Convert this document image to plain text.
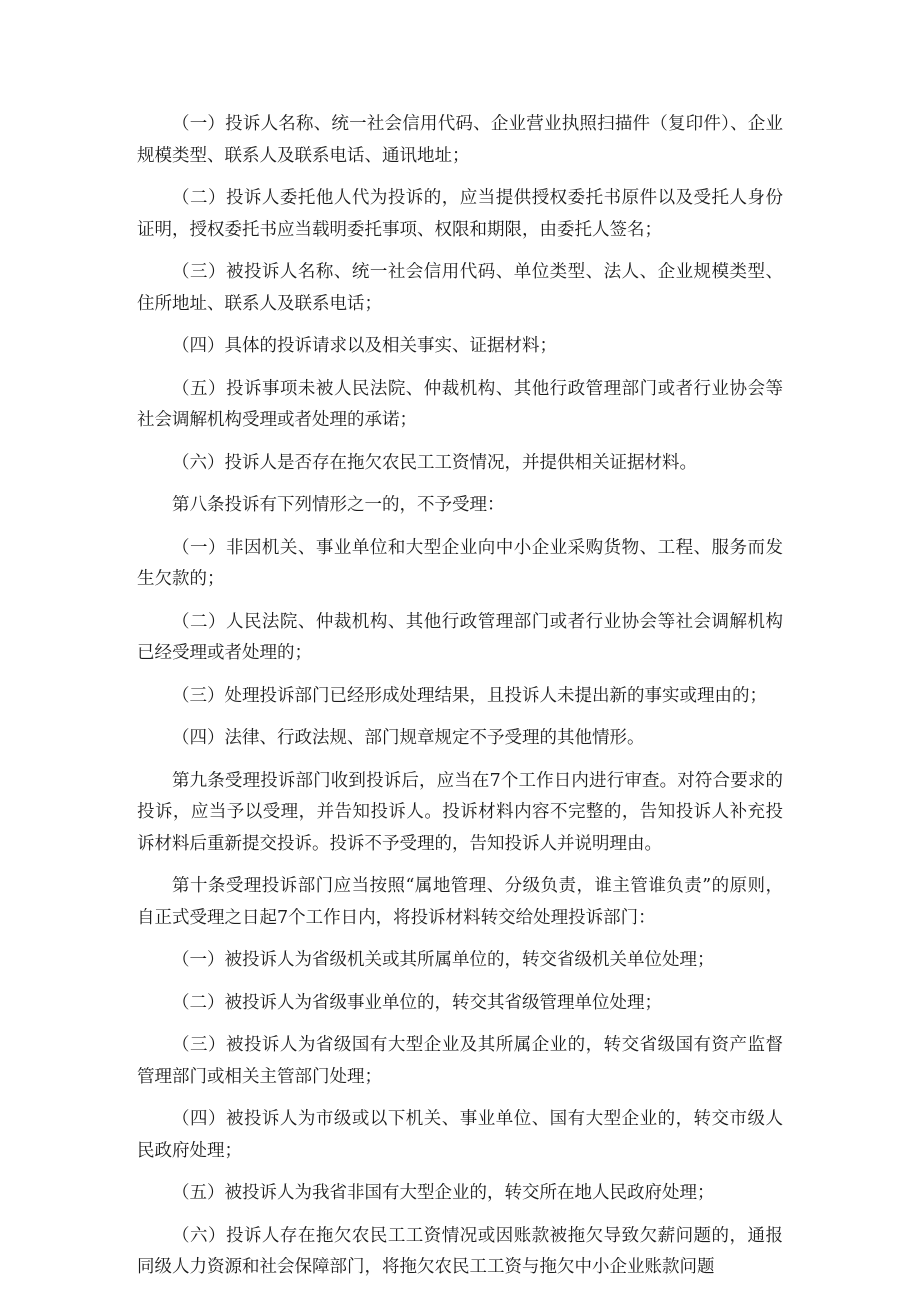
（一）投诉人名称、统一社会信用代码、企业营业执照扫描件（复印件）、企业规模类型、联系人及联系电话、通讯地址；

（二）投诉人委托他人代为投诉的，应当提供授权委托书原件以及受托人身份证明，授权委托书应当载明委托事项、权限和期限，由委托人签名；

（三）被投诉人名称、统一社会信用代码、单位类型、法人、企业规模类型、住所地址、联系人及联系电话；

（四）具体的投诉请求以及相关事实、证据材料；

（五）投诉事项未被人民法院、仲裁机构、其他行政管理部门或者行业协会等社会调解机构受理或者处理的承诺；

（六）投诉人是否存在拖欠农民工工资情况，并提供相关证据材料。

第八条投诉有下列情形之一的，不予受理：

（一）非因机关、事业单位和大型企业向中小企业采购货物、工程、服务而发生欠款的；

（二）人民法院、仲裁机构、其他行政管理部门或者行业协会等社会调解机构已经受理或者处理的；

（三）处理投诉部门已经形成处理结果，且投诉人未提出新的事实或理由的；

（四）法律、行政法规、部门规章规定不予受理的其他情形。

第九条受理投诉部门收到投诉后，应当在7个工作日内进行审查。对符合要求的投诉，应当予以受理，并告知投诉人。投诉材料内容不完整的，告知投诉人补充投诉材料后重新提交投诉。投诉不予受理的，告知投诉人并说明理由。

第十条受理投诉部门应当按照“属地管理、分级负责，谁主管谁负责”的原则，自正式受理之日起7个工作日内，将投诉材料转交给处理投诉部门：

（一）被投诉人为省级机关或其所属单位的，转交省级机关单位处理；

（二）被投诉人为省级事业单位的，转交其省级管理单位处理；

（三）被投诉人为省级国有大型企业及其所属企业的，转交省级国有资产监督管理部门或相关主管部门处理；

（四）被投诉人为市级或以下机关、事业单位、国有大型企业的，转交市级人民政府处理；

（五）被投诉人为我省非国有大型企业的，转交所在地人民政府处理；

（六）投诉人存在拖欠农民工工资情况或因账款被拖欠导致欠薪问题的，通报同级人力资源和社会保障部门，将拖欠农民工工资与拖欠中小企业账款问题
